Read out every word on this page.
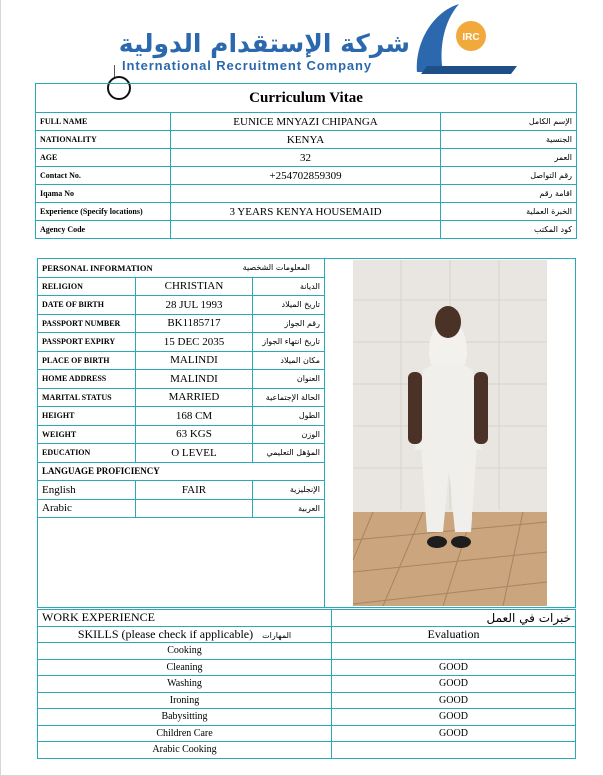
شركة الإستقدام الدولية
International Recruitment Company
IRC
Curriculum Vitae		
FULL NAME	EUNICE MNYAZI CHIPANGA	الإسم الكامل
NATIONALITY	KENYA	الجنسية
AGE	32	العمر
Contact No.	+254702859309	رقم التواصل
Iqama No		اقامة رقم
Experience (Specify locations)	3 YEARS KENYA HOUSEMAID	الخبرة العملية
Agency Code		كود المكتب
PERSONAL INFORMATION المعلومات الشخصية

RELIGION	CHRISTIAN	الديانة	
DATE OF BIRTH	28 JUL 1993	تاريخ الميلاد	
PASSPORT NUMBER	BK1185717	رقم الجواز	
PASSPORT EXPIRY	15 DEC 2035	تاريخ انتهاء الجواز	
PLACE OF BIRTH	MALINDI	مكان الميلاد	
HOME ADDRESS	MALINDI	العنوان	
MARITAL STATUS	MARRIED	الحالة الإجتماعية	
HEIGHT	168 CM	الطول	
WEIGHT	63 KGS	الوزن	
EDUCATION	O LEVEL	المؤهل التعليمي	
LANGUAGE PROFICIENCY			
English	FAIR	الإنجليزية	
Arabic		العربية	

WORK EXPERIENCE	خبرات في العمل
SKILLS (please check if applicable) المهارات	Evaluation
Cooking	
Cleaning	GOOD
Washing	GOOD
Ironing	GOOD
Babysitting	GOOD
Children Care	GOOD
Arabic Cooking	
